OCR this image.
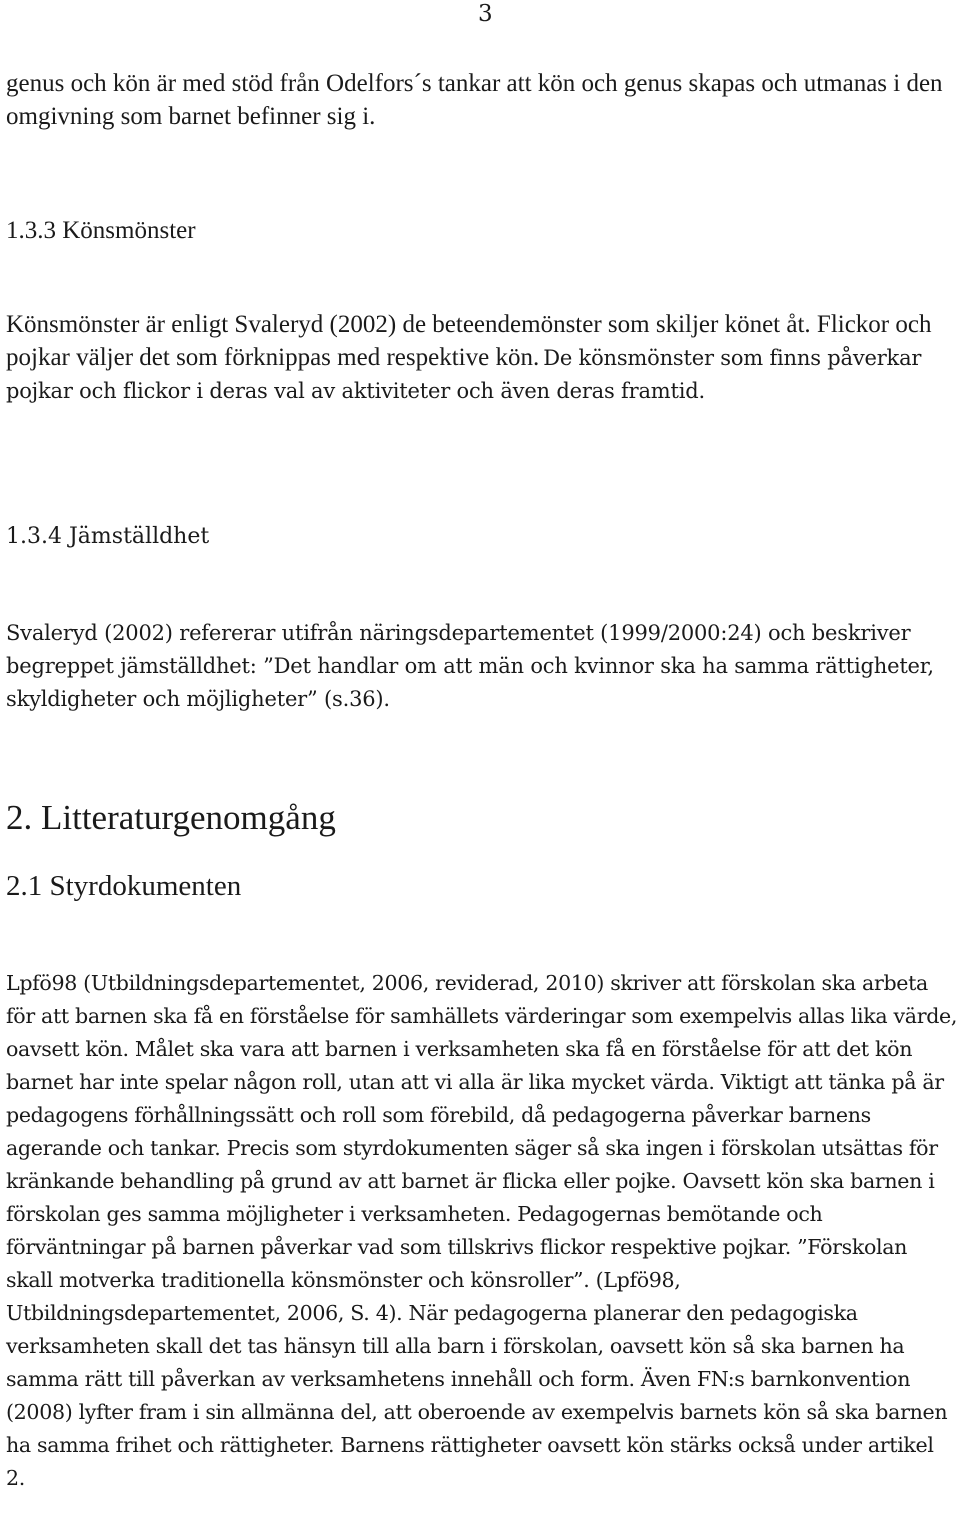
3

genus och kön är med stöd från Odelfors´s tankar att kön och genus skapas och utmanas i den omgivning som barnet befinner sig i.

1.3.3 Könsmönster
Könsmönster är enligt Svaleryd (2002) de beteendemönster som skiljer könet åt. Flickor och pojkar väljer det som förknippas med respektive kön. De könsmönster som finns påverkar pojkar och flickor i deras val av aktiviteter och även deras framtid.
1.3.4 Jämställdhet

Svaleryd (2002) refererar utifrån näringsdepartementet (1999/2000:24) och beskriver begreppet jämställdhet: ”Det handlar om att män och kvinnor ska ha samma rättigheter, skyldigheter och möjligheter” (s.36).

2. Litteraturgenomgång
2.1 Styrdokumenten

Lpfö98 (Utbildningsdepartementet, 2006, reviderad, 2010) skriver att förskolan ska arbeta för att barnen ska få en förståelse för samhällets värderingar som exempelvis allas lika värde, oavsett kön. Målet ska vara att barnen i verksamheten ska få en förståelse för att det kön barnet har inte spelar någon roll, utan att vi alla är lika mycket värda. Viktigt att tänka på är pedagogens förhållningssätt och roll som förebild, då pedagogerna påverkar barnens agerande och tankar. Precis som styrdokumenten säger så ska ingen i förskolan utsättas för kränkande behandling på grund av att barnet är flicka eller pojke. Oavsett kön ska barnen i förskolan ges samma möjligheter i verksamheten. Pedagogernas bemötande och förväntningar på barnen påverkar vad som tillskrivs flickor respektive pojkar. ”Förskolan skall motverka traditionella könsmönster och könsroller”. (Lpfö98, Utbildningsdepartementet, 2006, S. 4). När pedagogerna planerar den pedagogiska verksamheten skall det tas hänsyn till alla barn i förskolan, oavsett kön så ska barnen ha samma rätt till påverkan av verksamhetens innehåll och form. Även FN:s barnkonvention (2008) lyfter fram i sin allmänna del, att oberoende av exempelvis barnets kön så ska barnen ha samma frihet och rättigheter. Barnens rättigheter oavsett kön stärks också under artikel 2.
